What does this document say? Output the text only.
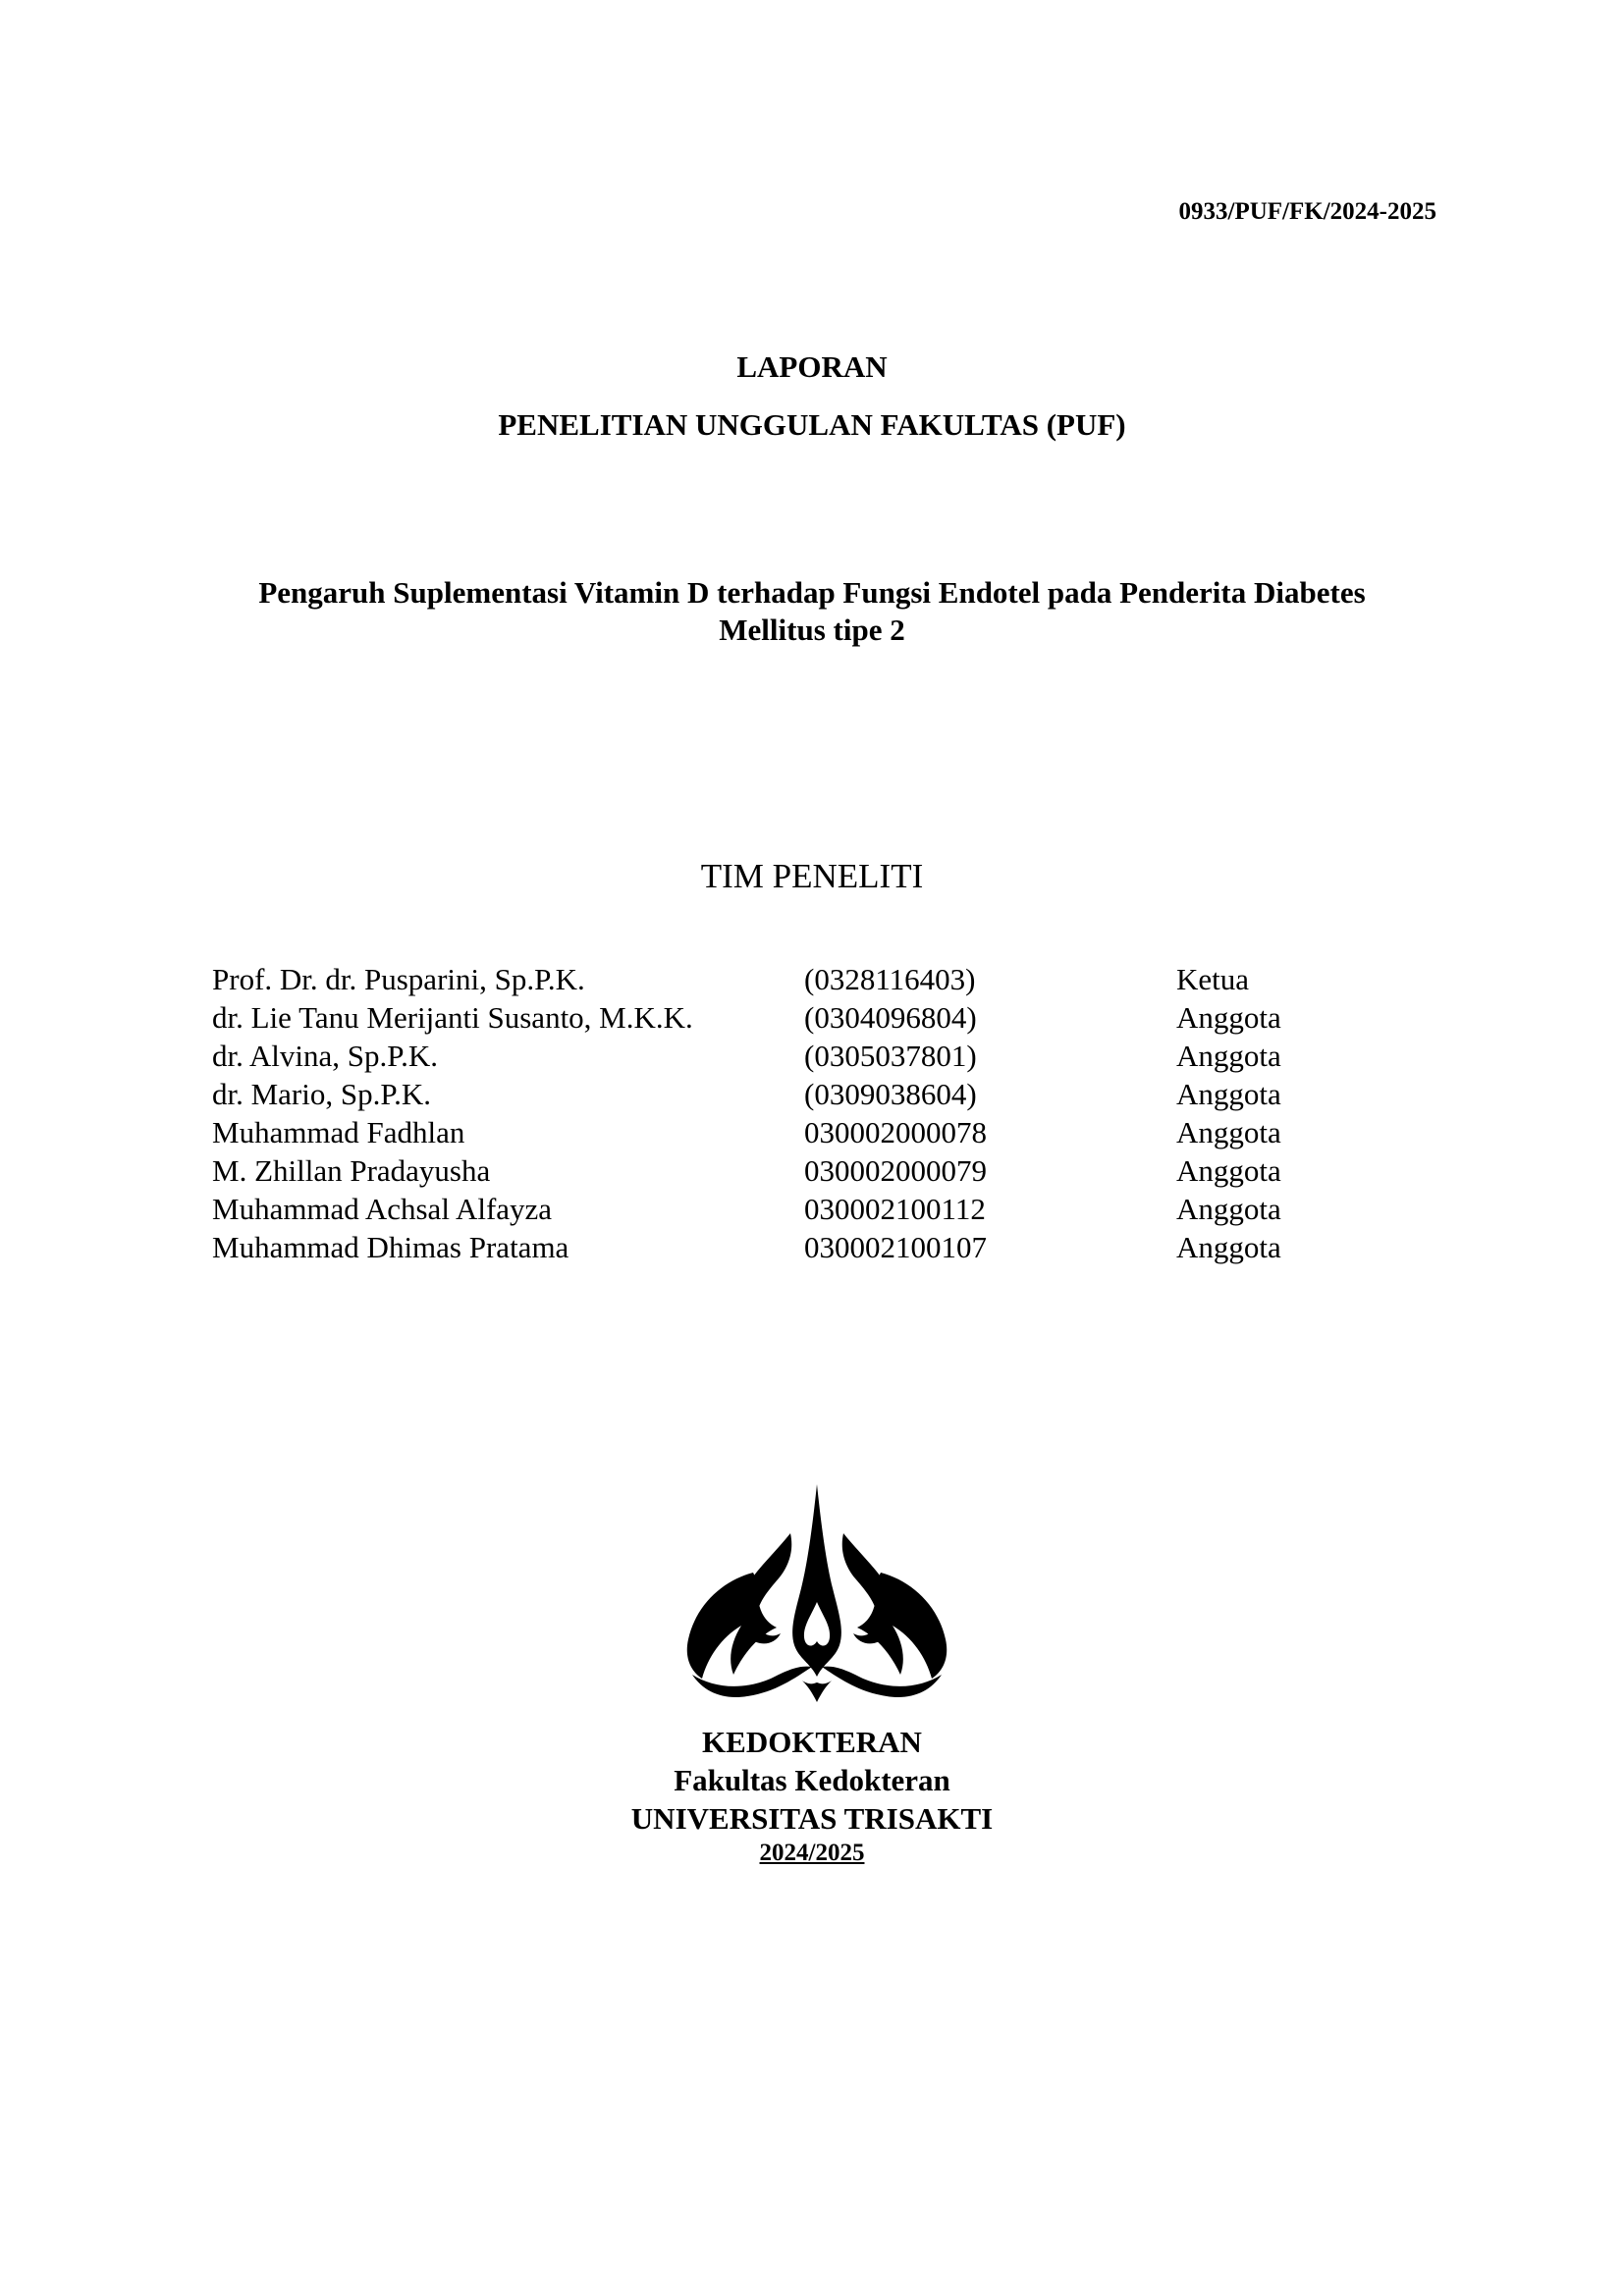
0933/PUF/FK/2024-2025
LAPORAN
PENELITIAN UNGGULAN FAKULTAS (PUF)
Pengaruh Suplementasi Vitamin D terhadap Fungsi Endotel pada Penderita Diabetes
Mellitus tipe 2
TIM PENELITI
Prof. Dr. dr. Pusparini, Sp.P.K.	(0328116403)	Ketua
dr. Lie Tanu Merijanti Susanto, M.K.K.	(0304096804)	Anggota
dr. Alvina, Sp.P.K.	(0305037801)	Anggota
dr. Mario, Sp.P.K.	(0309038604)	Anggota
Muhammad Fadhlan	030002000078	Anggota
M. Zhillan Pradayusha	030002000079	Anggota
Muhammad Achsal Alfayza	030002100112	Anggota
Muhammad Dhimas Pratama	030002100107	Anggota
KEDOKTERAN
Fakultas Kedokteran
UNIVERSITAS TRISAKTI
2024/2025
